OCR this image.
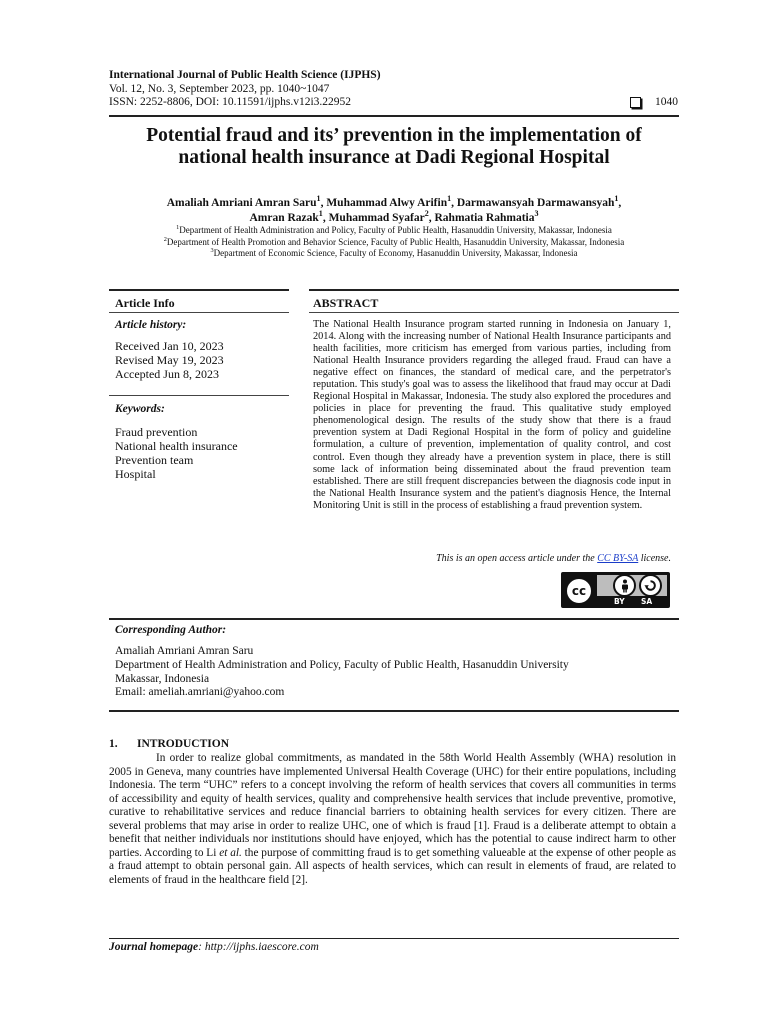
International Journal of Public Health Science (IJPHS)
Vol. 12, No. 3, September 2023, pp. 1040~1047
ISSN: 2252-8806, DOI: 10.11591/ijphs.v12i3.22952	1040
Potential fraud and its’ prevention in the implementation of
national health insurance at Dadi Regional Hospital
Amaliah Amriani Amran Saru$^1$, Muhammad Alwy Arifin$^1$, Darmawansyah Darmawansyah$^1$,
Amran Razak$^1$, Muhammad Syafar$^2$, Rahmatia Rahmatia$^3$
$^1$Department of Health Administration and Policy, Faculty of Public Health, Hasanuddin University, Makassar, Indonesia
$^2$Department of Health Promotion and Behavior Science, Faculty of Public Health, Hasanuddin University, Makassar, Indonesia
$^3$Department of Economic Science, Faculty of Economy, Hasanuddin University, Makassar, Indonesia
Article Info	ABSTRACT
Article history:
Received Jan 10, 2023
Revised May 19, 2023
Accepted Jun 8, 2023
Keywords:
Fraud prevention
National health insurance
Prevention team
Hospital
The National Health Insurance program started running in Indonesia on January 1, 2014. Along with the increasing number of National Health Insurance participants and health facilities, more criticism has emerged from various parties, including from National Health Insurance providers regarding the alleged fraud. Fraud can have a negative effect on finances, the standard of medical care, and the perpetrator's reputation. This study's goal was to assess the likelihood that fraud may occur at Dadi Regional Hospital in Makassar, Indonesia. The study also explored the procedures and policies in place for preventing the fraud. This qualitative study employed phenomenological design. The results of the study show that there is a fraud prevention system at Dadi Regional Hospital in the form of policy and guideline formulation, a culture of prevention, implementation of quality control, and cost control. Even though they already have a prevention system in place, there is still some lack of information being disseminated about the fraud prevention team established. There are still frequent discrepancies between the diagnosis code input in the National Health Insurance system and the patient's diagnosis Hence, the Internal Monitoring Unit is still in the process of establishing a fraud prevention system.
This is an open access article under the CC BY-SA license.
cc
BY SA
Corresponding Author:
Amaliah Amriani Amran Saru
Department of Health Administration and Policy, Faculty of Public Health, Hasanuddin University
Makassar, Indonesia
Email: ameliah.amriani@yahoo.com
1. INTRODUCTION
In order to realize global commitments, as mandated in the 58th World Health Assembly (WHA) resolution in 2005 in Geneva, many countries have implemented Universal Health Coverage (UHC) for their entire populations, including Indonesia. The term “UHC” refers to a concept involving the reform of health services that covers all communities in terms of accessibility and equity of health services, quality and comprehensive health services that include preventive, promotive, curative to rehabilitative services and reduce financial barriers to obtaining health services for every citizen. There are several problems that may arise in order to realize UHC, one of which is fraud [1]. Fraud is a deliberate attempt to obtain a benefit that neither individuals nor institutions should have enjoyed, which has the potential to cause indirect harm to other parties. According to Li et al. the purpose of committing fraud is to get something valueable at the expense of other people as a fraud attempt to obtain personal gain. All aspects of health services, which can result in elements of fraud, are related to elements of fraud in the healthcare field [2].
Journal homepage: http://ijphs.iaescore.com
